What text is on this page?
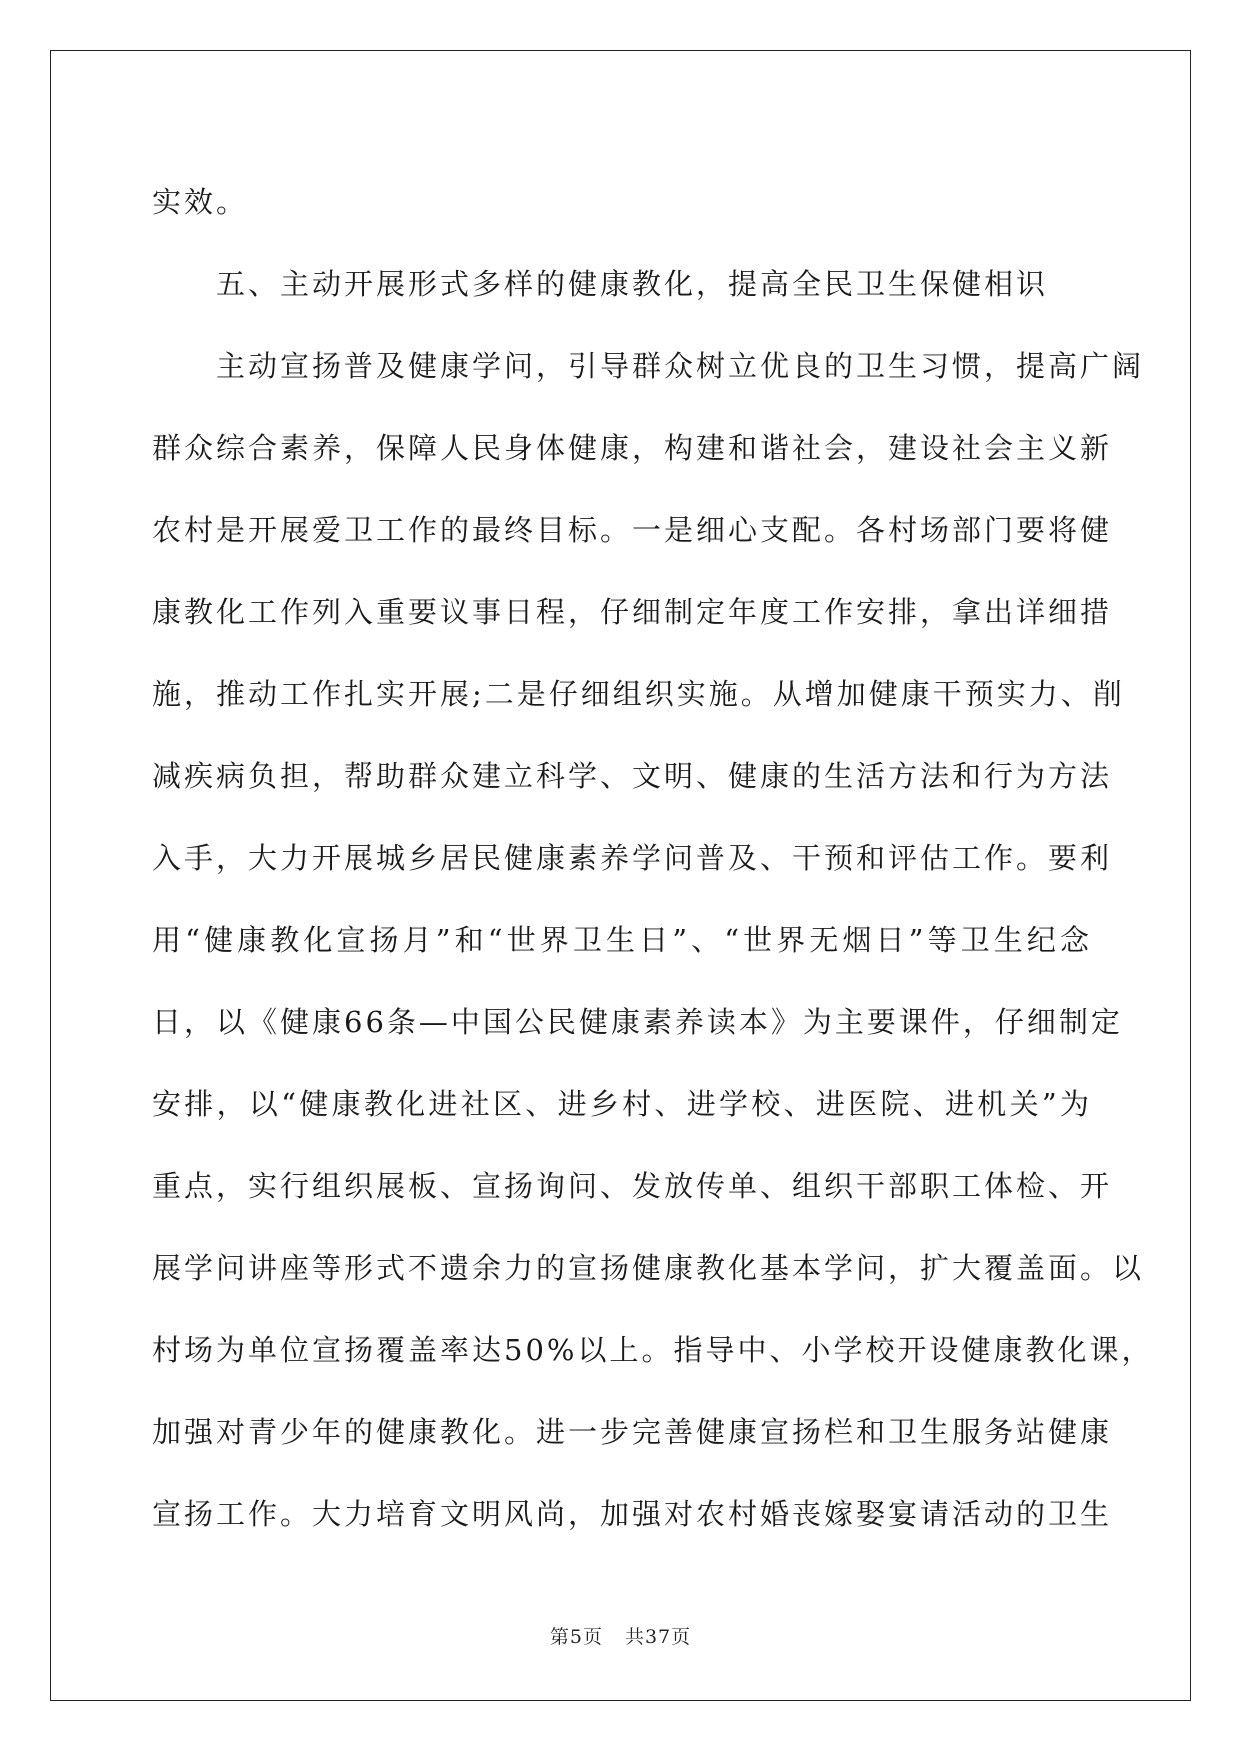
实效。
五、主动开展形式多样的健康教化，提高全民卫生保健相识
主动宣扬普及健康学问，引导群众树立优良的卫生习惯，提高广阔
群众综合素养，保障人民身体健康，构建和谐社会，建设社会主义新
农村是开展爱卫工作的最终目标。一是细心支配。各村场部门要将健
康教化工作列入重要议事日程，仔细制定年度工作安排，拿出详细措
施，推动工作扎实开展;二是仔细组织实施。从增加健康干预实力、削
减疾病负担，帮助群众建立科学、文明、健康的生活方法和行为方法
入手，大力开展城乡居民健康素养学问普及、干预和评估工作。要利
用“健康教化宣扬月”和“世界卫生日”、“世界无烟日”等卫生纪念
日，以《健康66条—中国公民健康素养读本》为主要课件，仔细制定
安排，以“健康教化进社区、进乡村、进学校、进医院、进机关”为
重点，实行组织展板、宣扬询问、发放传单、组织干部职工体检、开
展学问讲座等形式不遗余力的宣扬健康教化基本学问，扩大覆盖面。以
村场为单位宣扬覆盖率达50%以上。指导中、小学校开设健康教化课，
加强对青少年的健康教化。进一步完善健康宣扬栏和卫生服务站健康
宣扬工作。大力培育文明风尚，加强对农村婚丧嫁娶宴请活动的卫生
第5页 共37页
